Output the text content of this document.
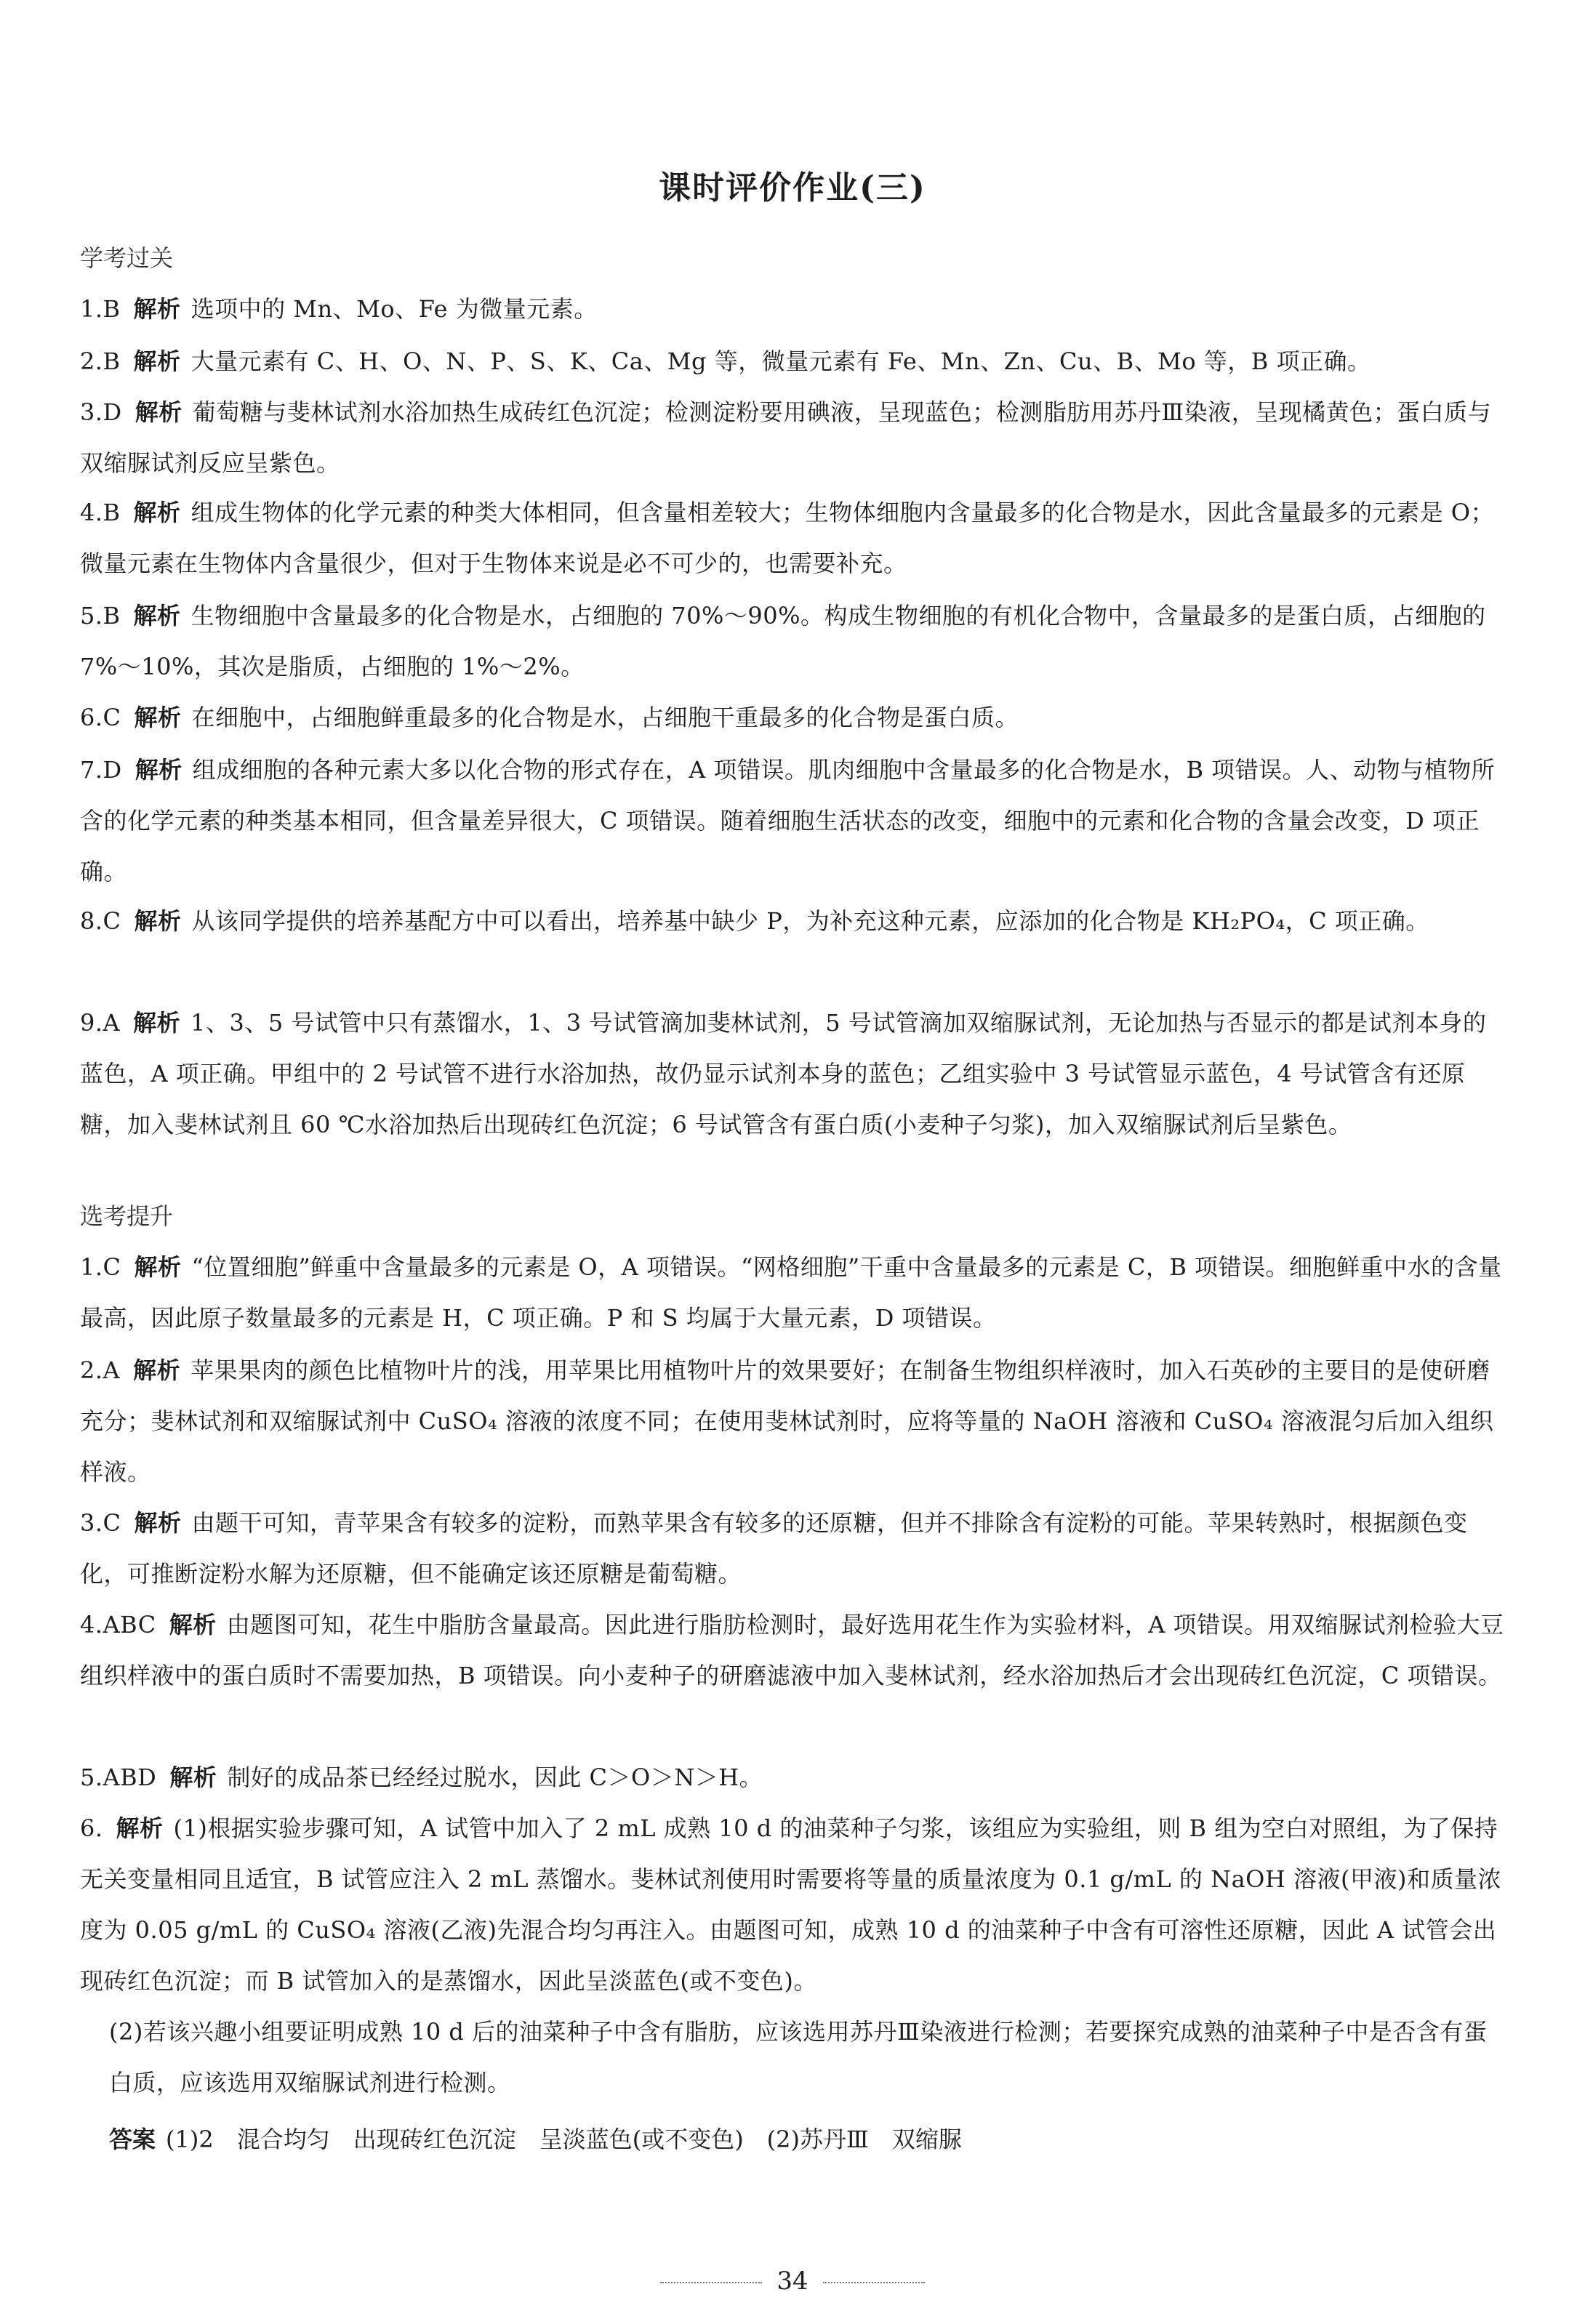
课时评价作业(三)
学考过关
1.B 解析 选项中的 Mn、Mo、Fe 为微量元素。
2.B 解析 大量元素有 C、H、O、N、P、S、K、Ca、Mg 等，微量元素有 Fe、Mn、Zn、Cu、B、Mo 等，B 项正确。
3.D 解析 葡萄糖与斐林试剂水浴加热生成砖红色沉淀；检测淀粉要用碘液，呈现蓝色；检测脂肪用苏丹Ⅲ染液，呈现橘黄色；蛋白质与双缩脲试剂反应呈紫色。
4.B 解析 组成生物体的化学元素的种类大体相同，但含量相差较大；生物体细胞内含量最多的化合物是水，因此含量最多的元素是 O；微量元素在生物体内含量很少，但对于生物体来说是必不可少的，也需要补充。
5.B 解析 生物细胞中含量最多的化合物是水，占细胞的 70%～90%。构成生物细胞的有机化合物中，含量最多的是蛋白质，占细胞的 7%～10%，其次是脂质，占细胞的 1%～2%。
6.C 解析 在细胞中，占细胞鲜重最多的化合物是水，占细胞干重最多的化合物是蛋白质。
7.D 解析 组成细胞的各种元素大多以化合物的形式存在，A 项错误。肌肉细胞中含量最多的化合物是水，B 项错误。人、动物与植物所含的化学元素的种类基本相同，但含量差异很大，C 项错误。随着细胞生活状态的改变，细胞中的元素和化合物的含量会改变，D 项正确。
8.C 解析 从该同学提供的培养基配方中可以看出，培养基中缺少 P，为补充这种元素，应添加的化合物是 KH₂PO₄，C 项正确。
9.A 解析 1、3、5 号试管中只有蒸馏水，1、3 号试管滴加斐林试剂，5 号试管滴加双缩脲试剂，无论加热与否显示的都是试剂本身的蓝色，A 项正确。甲组中的 2 号试管不进行水浴加热，故仍显示试剂本身的蓝色；乙组实验中 3 号试管显示蓝色，4 号试管含有还原糖，加入斐林试剂且 60 ℃水浴加热后出现砖红色沉淀；6 号试管含有蛋白质(小麦种子匀浆)，加入双缩脲试剂后呈紫色。
选考提升
1.C 解析 “位置细胞”鲜重中含量最多的元素是 O，A 项错误。“网格细胞”干重中含量最多的元素是 C，B 项错误。细胞鲜重中水的含量最高，因此原子数量最多的元素是 H，C 项正确。P 和 S 均属于大量元素，D 项错误。
2.A 解析 苹果果肉的颜色比植物叶片的浅，用苹果比用植物叶片的效果要好；在制备生物组织样液时，加入石英砂的主要目的是使研磨充分；斐林试剂和双缩脲试剂中 CuSO₄ 溶液的浓度不同；在使用斐林试剂时，应将等量的 NaOH 溶液和 CuSO₄ 溶液混匀后加入组织样液。
3.C 解析 由题干可知，青苹果含有较多的淀粉，而熟苹果含有较多的还原糖，但并不排除含有淀粉的可能。苹果转熟时，根据颜色变化，可推断淀粉水解为还原糖，但不能确定该还原糖是葡萄糖。
4.ABC 解析 由题图可知，花生中脂肪含量最高。因此进行脂肪检测时，最好选用花生作为实验材料，A 项错误。用双缩脲试剂检验大豆组织样液中的蛋白质时不需要加热，B 项错误。向小麦种子的研磨滤液中加入斐林试剂，经水浴加热后才会出现砖红色沉淀，C 项错误。
5.ABD 解析 制好的成品茶已经经过脱水，因此 C＞O＞N＞H。
6. 解析 (1)根据实验步骤可知，A 试管中加入了 2 mL 成熟 10 d 的油菜种子匀浆，该组应为实验组，则 B 组为空白对照组，为了保持无关变量相同且适宜，B 试管应注入 2 mL 蒸馏水。斐林试剂使用时需要将等量的质量浓度为 0.1 g/mL 的 NaOH 溶液(甲液)和质量浓度为 0.05 g/mL 的 CuSO₄ 溶液(乙液)先混合均匀再注入。由题图可知，成熟 10 d 的油菜种子中含有可溶性还原糖，因此 A 试管会出现砖红色沉淀；而 B 试管加入的是蒸馏水，因此呈淡蓝色(或不变色)。
(2)若该兴趣小组要证明成熟 10 d 后的油菜种子中含有脂肪，应该选用苏丹Ⅲ染液进行检测；若要探究成熟的油菜种子中是否含有蛋白质，应该选用双缩脲试剂进行检测。
答案 (1)2　混合均匀　出现砖红色沉淀　呈淡蓝色(或不变色)　(2)苏丹Ⅲ　双缩脲
34
